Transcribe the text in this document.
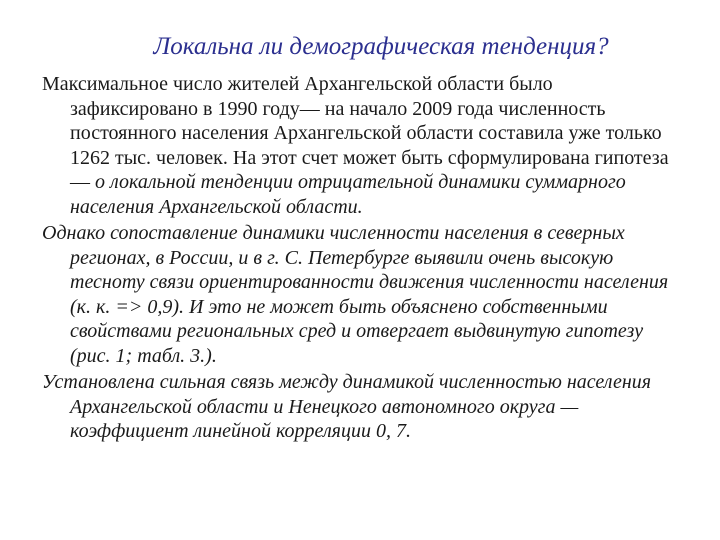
Локальна ли демографическая тенденция?

Максимальное число жителей Архангельской области было зафиксировано в 1990 году— на начало 2009 года численность постоянного населения Архангельской области составила уже только 1262 тыс. человек. На этот счет может быть сформулирована гипотеза — о локальной тенденции отрицательной динамики суммарного населения Архангельской области.

Однако сопоставление динамики численности населения в северных регионах, в России, и в г. С. Петербурге выявили очень высокую тесноту связи ориентированности движения численности населения (к. к. => 0,9). И это не может быть объяснено собственными свойствами региональных сред и отвергает выдвинутую гипотезу (рис. 1; табл. 3.).

Установлена сильная связь между динамикой численностью населения Архангельской области и Ненецкого автономного округа — коэффициент линейной корреляции 0, 7.
